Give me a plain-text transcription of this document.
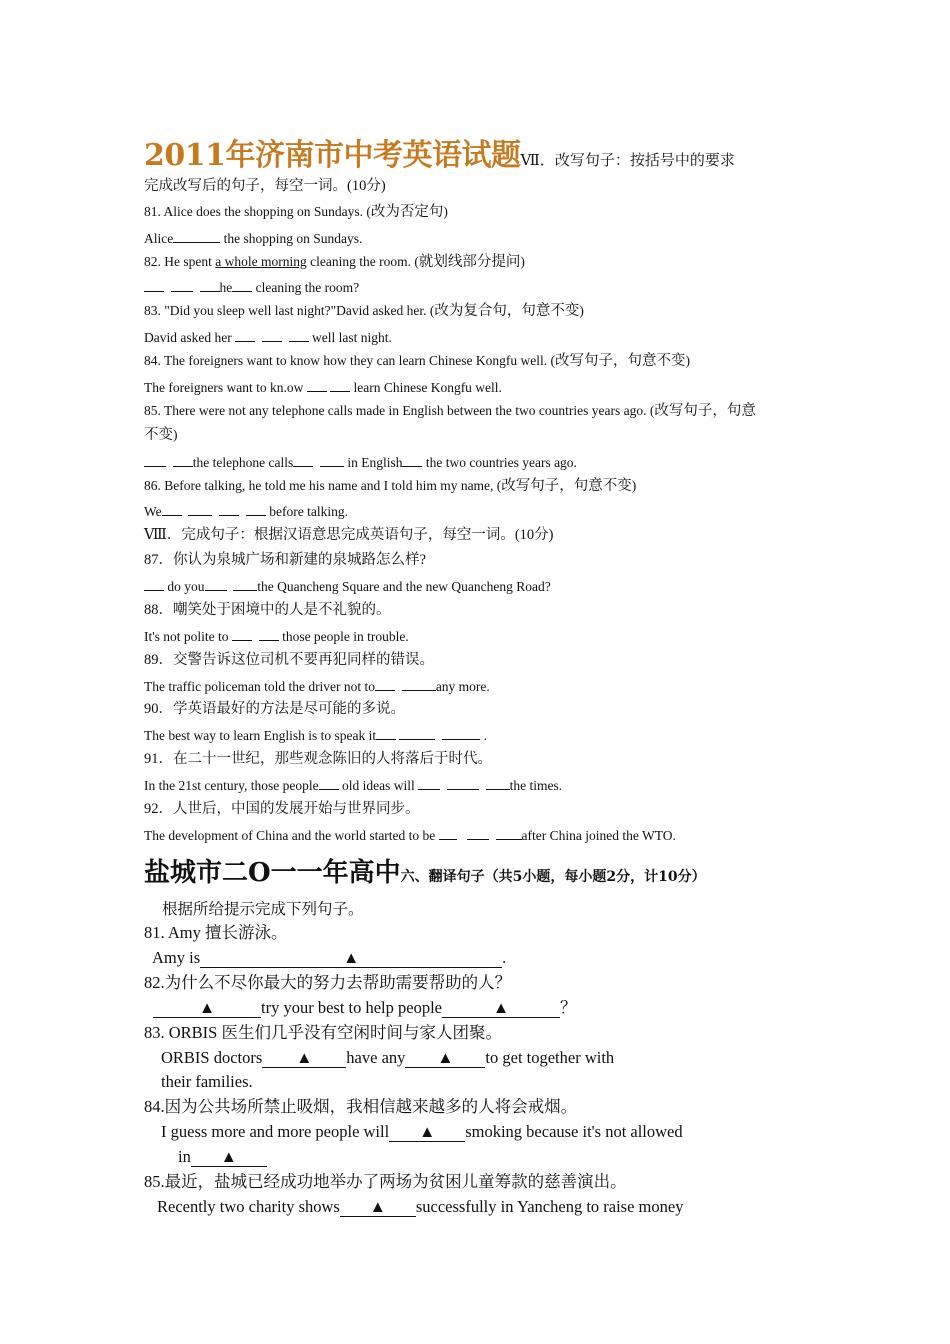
2011年济南市中考英语试题Ⅶ．改写句子：按括号中的要求
完成改写后的句子，每空一词。(10分)
81. Alice does the shopping on Sundays. (改为否定句)
Alice	the shopping on Sundays.
82. He spent a whole morning cleaning the room. (就划线部分提问)
he cleaning the room?
83. "Did you sleep well last night?"David asked her. (改为复合句，句意不变)
David asked her	well last night.
84. The foreigners want to know how they can learn Chinese Kongfu well. (改写句子，句意不变)
The foreigners want to kn.ow	learn Chinese Kongfu well.
85. There were not any telephone calls made in English between the two countries years ago. (改写句子，句意
不变)
the telephone calls	in English the two countries years ago.
86. Before talking, he told me his name and I told him my name, (改写句子，句意不变)
We	before talking.
Ⅷ．完成句子：根据汉语意思完成英语句子，每空一词。(10分)
87．你认为泉城广场和新建的泉城路怎么样?
do you	the Quancheng Square and the new Quancheng Road?
88．嘲笑处于困境中的人是不礼貌的。
It's not polite to	those people in trouble.
89．交警告诉这位司机不要再犯同样的错误。
The traffic policeman told the driver not to	any more.
90．学英语最好的方法是尽可能的多说。
The best way to learn English is to speak it	.
91．在二十一世纪，那些观念陈旧的人将落后于时代。
In the 21st century, those people old ideas will	the times.
92．人世后，中国的发展开始与世界同步。
The development of China and the world started to be	after China joined the WTO.
盐城市二O一一年高中六、翻译句子（共5小题，每小题2分，计10分）
根据所给提示完成下列句子。
81. Amy 擅长游泳。
Amy is	▲	.
82.为什么不尽你最大的努力去帮助需要帮助的人？
▲	try your best to help people	▲	？
83. ORBIS 医生们几乎没有空闲时间与家人团聚。
ORBIS doctors ▲ have any ▲ to get together with
their families.
84.因为公共场所禁止吸烟，我相信越来越多的人将会戒烟。
I guess more and more people will ▲ smoking because it's not allowed
in ▲
85.最近，盐城已经成功地举办了两场为贫困儿童筹款的慈善演出。
Recently two charity shows ▲ successfully in Yancheng to raise money
